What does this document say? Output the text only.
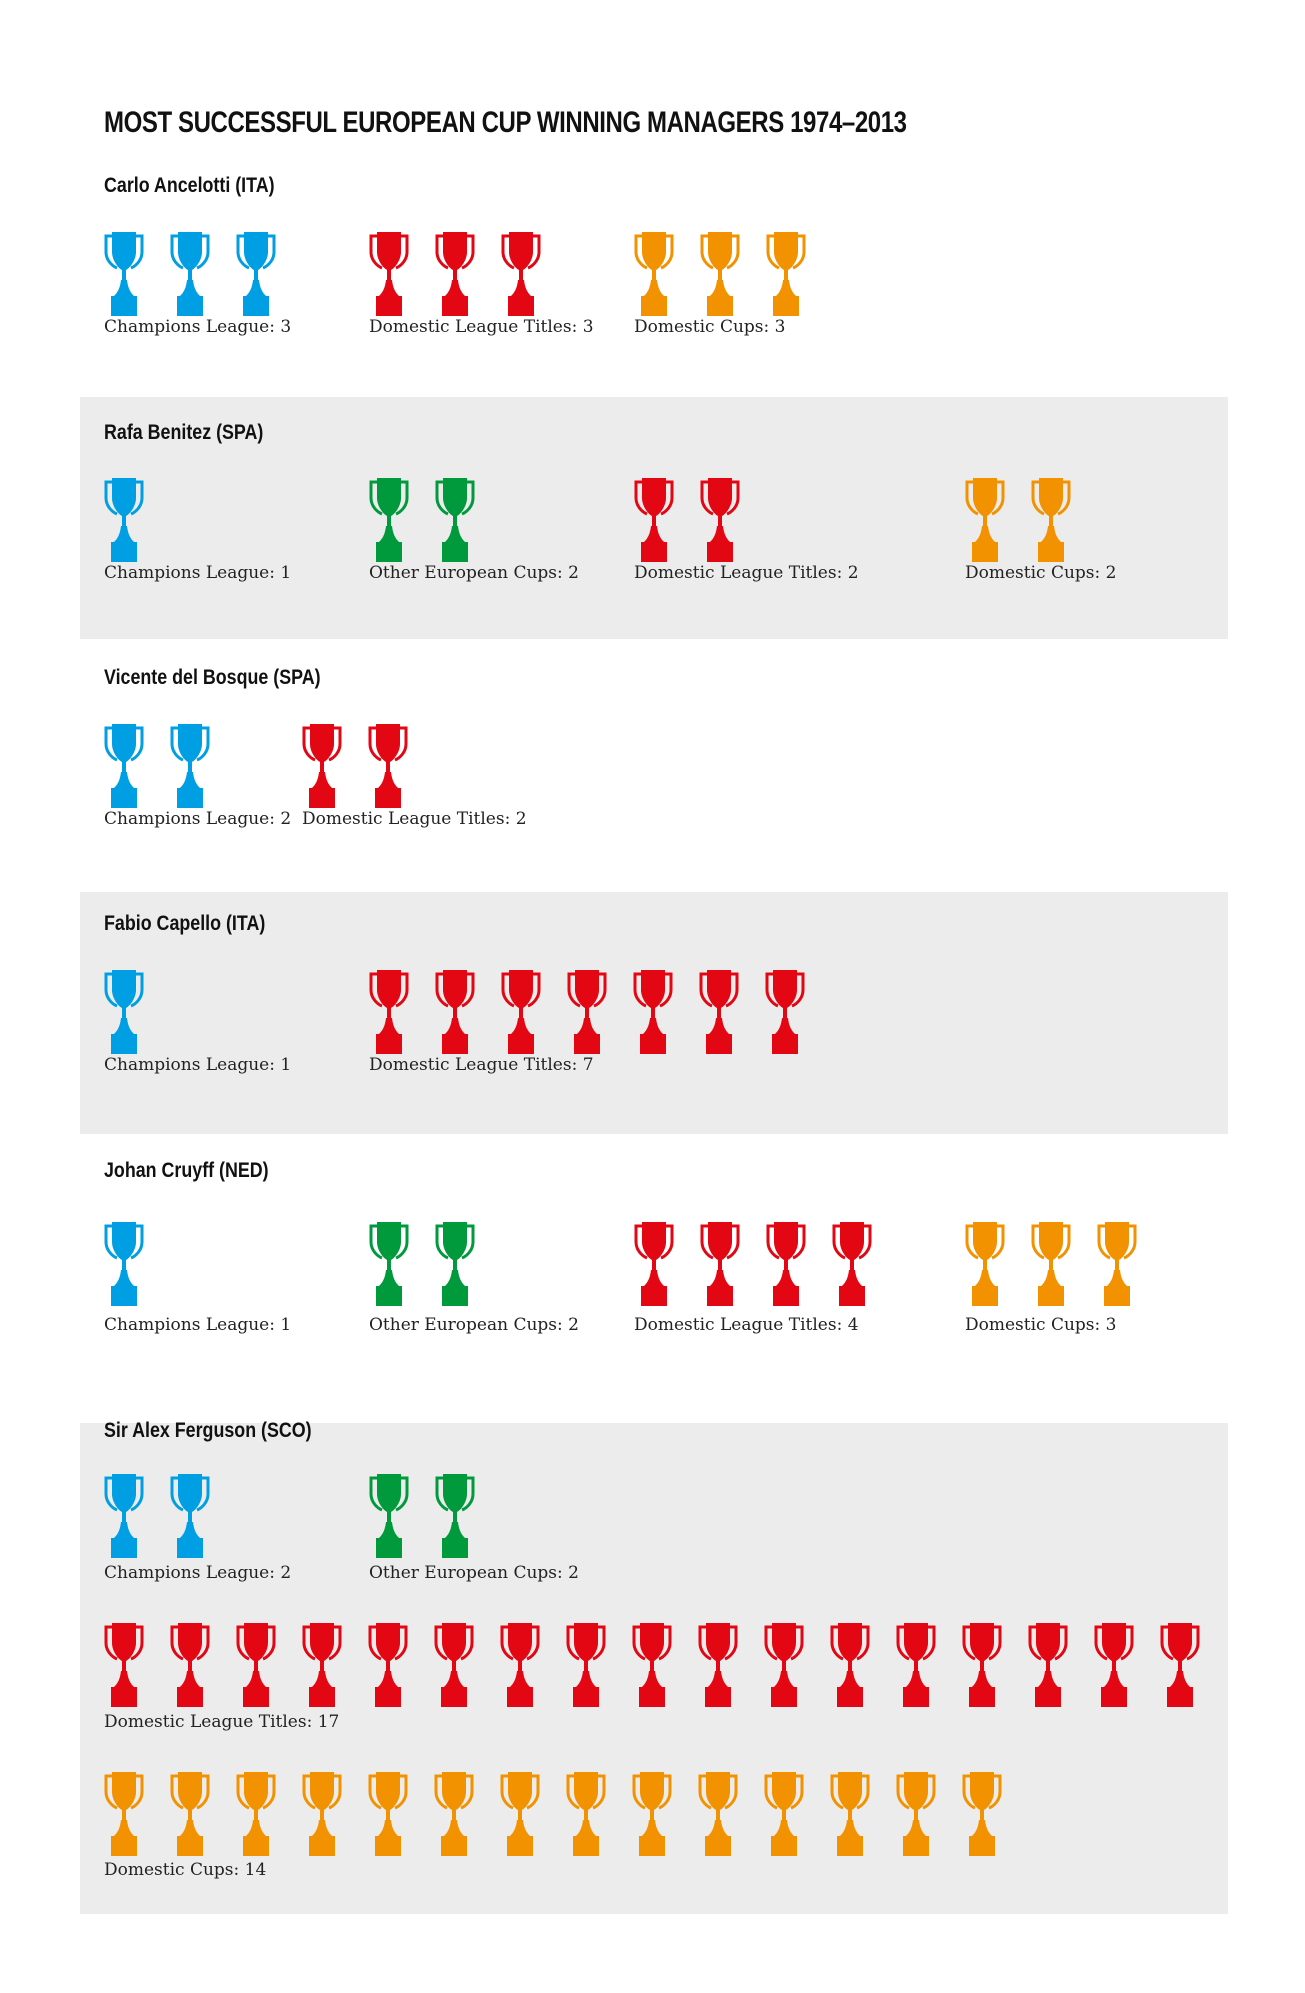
MOST SUCCESSFUL EUROPEAN CUP WINNING MANAGERS 1974–2013
Carlo Ancelotti (ITA)
Champions League: 3	Domestic League Titles: 3 Domestic Cups: 3
Rafa Benitez (SPA)
Champions League: 1	Other European Cups: 2	Domestic League Titles: 2	Domestic Cups: 2
Vicente del Bosque (SPA)
Champions League: 2 Domestic League Titles: 2
Fabio Capello (ITA)
Champions League: 1	Domestic League Titles: 7
Johan Cruyff (NED)
Champions League: 1	Other European Cups: 2	Domestic League Titles: 4	Domestic Cups: 3
Sir Alex Ferguson (SCO)
Champions League: 2	Other European Cups: 2
Domestic League Titles: 17
Domestic Cups: 14
